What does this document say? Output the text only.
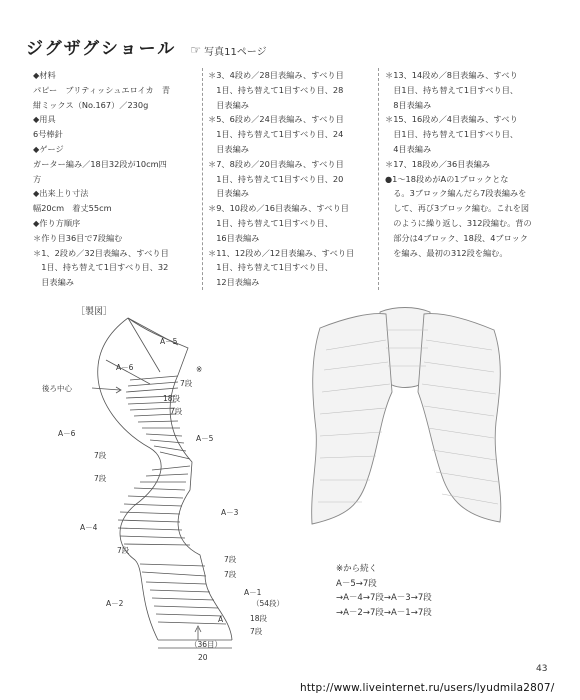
ジグザグショール ☞ 写真11ページ
◆材料
パピー　ブリティッシュエロイカ　青
紺ミックス（No.167）／230g
◆用具
6号棒針
◆ゲージ
ガーター編み／18目32段が10cm四
方
◆出来上り寸法
幅20cm　着丈55cm
◆作り方順序
＊作り目36目で7段編む
＊1、2段め／32目表編み、すべり目
　1目、持ち替えて1目すべり目、32
　目表編み
＊3、4段め／28目表編み、すべり目
　1目、持ち替えて1目すべり目、28
　目表編み
＊5、6段め／24目表編み、すべり目
　1目、持ち替えて1目すべり目、24
　目表編み
＊7、8段め／20目表編み、すべり目
　1目、持ち替えて1目すべり目、20
　目表編み
＊9、10段め／16目表編み、すべり目
　1目、持ち替えて1目すべり目、
　16目表編み
＊11、12段め／12目表編み、すべり目
　1目、持ち替えて1目すべり目、
　12目表編み
＊13、14段め／8目表編み、すべり
　目1目、持ち替えて1目すべり目、
　8目表編み
＊15、16段め／4目表編み、すべり
　目1目、持ち替えて1目すべり目、
　4目表編み
＊17、18段め／36目表編み
●1～18段めがAの1ブロックとな
　る。3ブロック編んだら7段表編みを
　して、再び3ブロック編む。これを図
　のように繰り返し、312段編む。背の
　部分は4ブロック、18段、4ブロック
　を編み、最初の312段を編む。
［製図］
A－5
A－6	※
後ろ中心
7段
18段
7段
A－6
A－5
7段
7段
A－3
A－4
7段
7段
7段
A－2
A－1
（54段）
18段
7段
A
（36目）
20
※から続く
A－5→7段
→A－4→7段→A－3→7段
→A－2→7段→A－1→7段
43
http://www.liveinternet.ru/users/lyudmila2807/
